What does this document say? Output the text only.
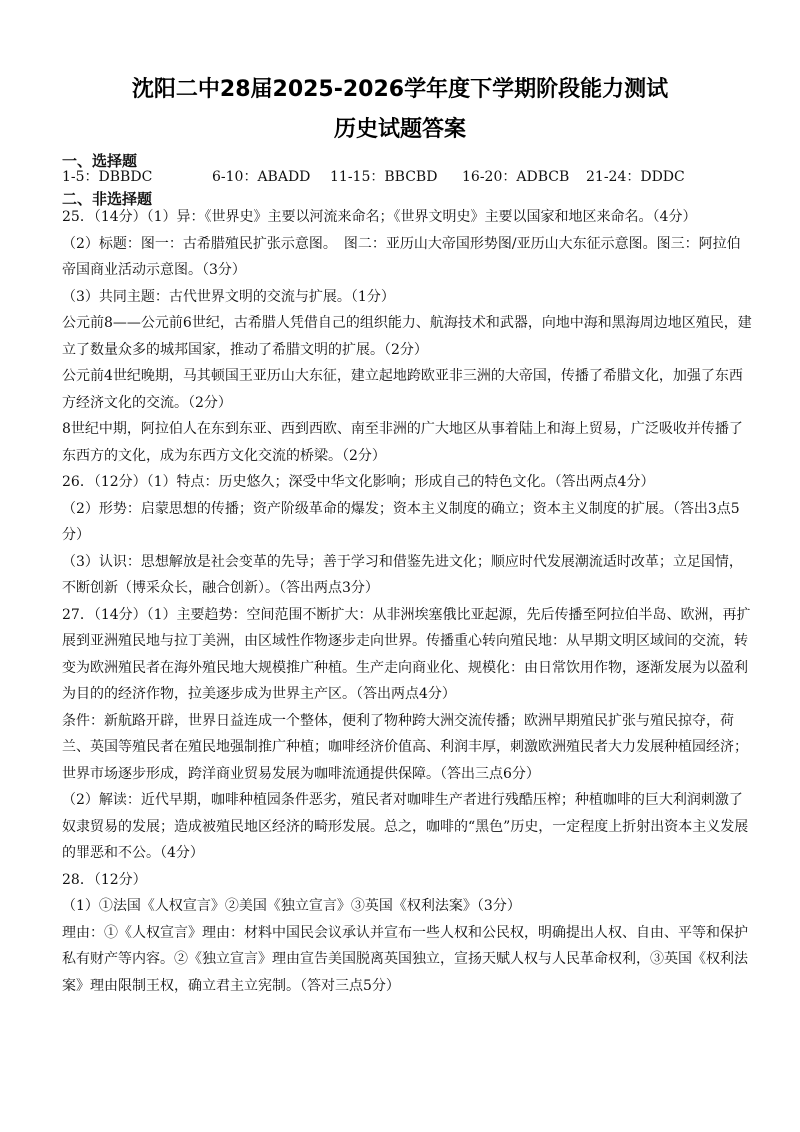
沈阳二中28届2025-2026学年度下学期阶段能力测试
历史试题答案
一、选择题
1-5：DBBDC	6-10：ABADD 11-15：BBCBD 16-20：ADBCB 21-24：DDDC
二、非选择题

25．（14分）（1）异：《世界史》主要以河流来命名；《世界文明史》主要以国家和地区来命名。（4分）

（2）标题：图一：古希腊殖民扩张示意图。　图二：亚历山大帝国形势图/亚历山大东征示意图。图三：阿拉伯帝国商业活动示意图。（3分）

（3）共同主题：古代世界文明的交流与扩展。（1分）

公元前8——公元前6世纪，古希腊人凭借自己的组织能力、航海技术和武器，向地中海和黑海周边地区殖民，建立了数量众多的城邦国家，推动了希腊文明的扩展。（2分）

公元前4世纪晚期，马其顿国王亚历山大东征，建立起地跨欧亚非三洲的大帝国，传播了希腊文化，加强了东西方经济文化的交流。（2分）

8世纪中期，阿拉伯人在东到东亚、西到西欧、南至非洲的广大地区从事着陆上和海上贸易，广泛吸收并传播了东西方的文化，成为东西方文化交流的桥梁。（2分）

26．（12分）（1）特点：历史悠久；深受中华文化影响；形成自己的特色文化。（答出两点4分）

（2）形势：启蒙思想的传播；资产阶级革命的爆发；资本主义制度的确立；资本主义制度的扩展。（答出3点5分）

（3）认识：思想解放是社会变革的先导；善于学习和借鉴先进文化；顺应时代发展潮流适时改革；立足国情，不断创新（博采众长，融合创新）。（答出两点3分）

27．（14分）（1）主要趋势：空间范围不断扩大：从非洲埃塞俄比亚起源，先后传播至阿拉伯半岛、欧洲，再扩展到亚洲殖民地与拉丁美洲，由区域性作物逐步走向世界。传播重心转向殖民地：从早期文明区域间的交流，转变为欧洲殖民者在海外殖民地大规模推广种植。生产走向商业化、规模化：由日常饮用作物，逐渐发展为以盈利为目的的经济作物，拉美逐步成为世界主产区。（答出两点4分）

条件：新航路开辟，世界日益连成一个整体，便利了物种跨大洲交流传播；欧洲早期殖民扩张与殖民掠夺，荷兰、英国等殖民者在殖民地强制推广种植；咖啡经济价值高、利润丰厚，刺激欧洲殖民者大力发展种植园经济；世界市场逐步形成，跨洋商业贸易发展为咖啡流通提供保障。（答出三点6分）

（2）解读：近代早期，咖啡种植园条件恶劣，殖民者对咖啡生产者进行残酷压榨；种植咖啡的巨大利润刺激了奴隶贸易的发展；造成被殖民地区经济的畸形发展。总之，咖啡的“黑色”历史，一定程度上折射出资本主义发展的罪恶和不公。（4分）

28．（12分）

（1）①法国《人权宣言》②美国《独立宣言》③英国《权利法案》（3分）

理由：①《人权宣言》理由：材料中国民会议承认并宣布一些人权和公民权，明确提出人权、自由、平等和保护私有财产等内容。②《独立宣言》理由宣告美国脱离英国独立，宣扬天赋人权与人民革命权利，③英国《权利法案》理由限制王权，确立君主立宪制。（答对三点5分）
